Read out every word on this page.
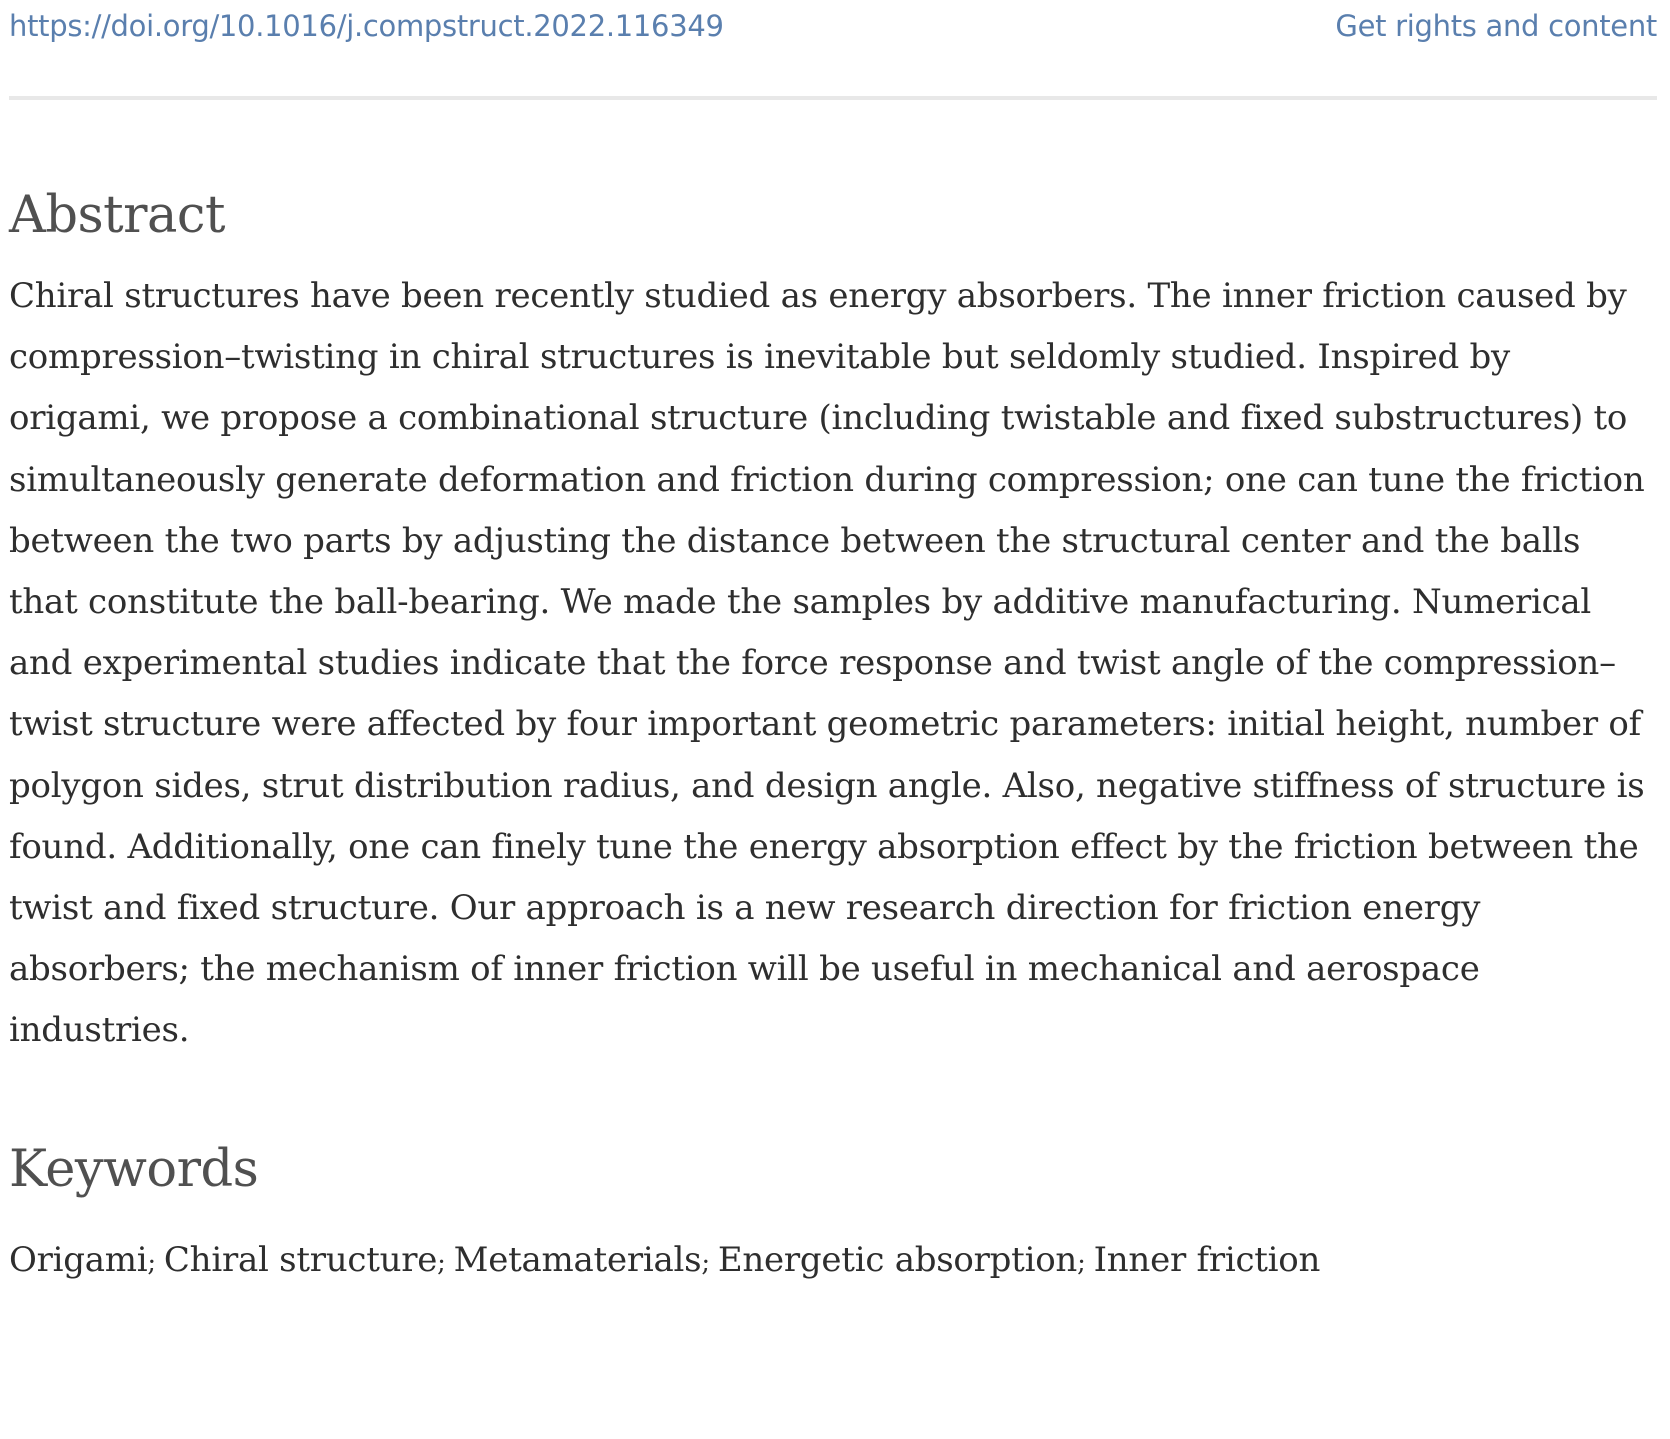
https://doi.org/10.1016/j.compstruct.2022.116349	Get rights and content
Abstract

Chiral structures have been recently studied as energy absorbers. The inner friction caused by compression–twisting in chiral structures is inevitable but seldomly studied. Inspired by origami, we propose a combinational structure (including twistable and fixed substructures) to simultaneously generate deformation and friction during compression; one can tune the friction between the two parts by adjusting the distance between the structural center and the balls that constitute the ball-bearing. We made the samples by additive manufacturing. Numerical and experimental studies indicate that the force response and twist angle of the compression–twist structure were affected by four important geometric parameters: initial height, number of polygon sides, strut distribution radius, and design angle. Also, negative stiffness of structure is found. Additionally, one can finely tune the energy absorption effect by the friction between the twist and fixed structure. Our approach is a new research direction for friction energy absorbers; the mechanism of inner friction will be useful in mechanical and aerospace industries.

Keywords
Origami; Chiral structure; Metamaterials; Energetic absorption; Inner friction
